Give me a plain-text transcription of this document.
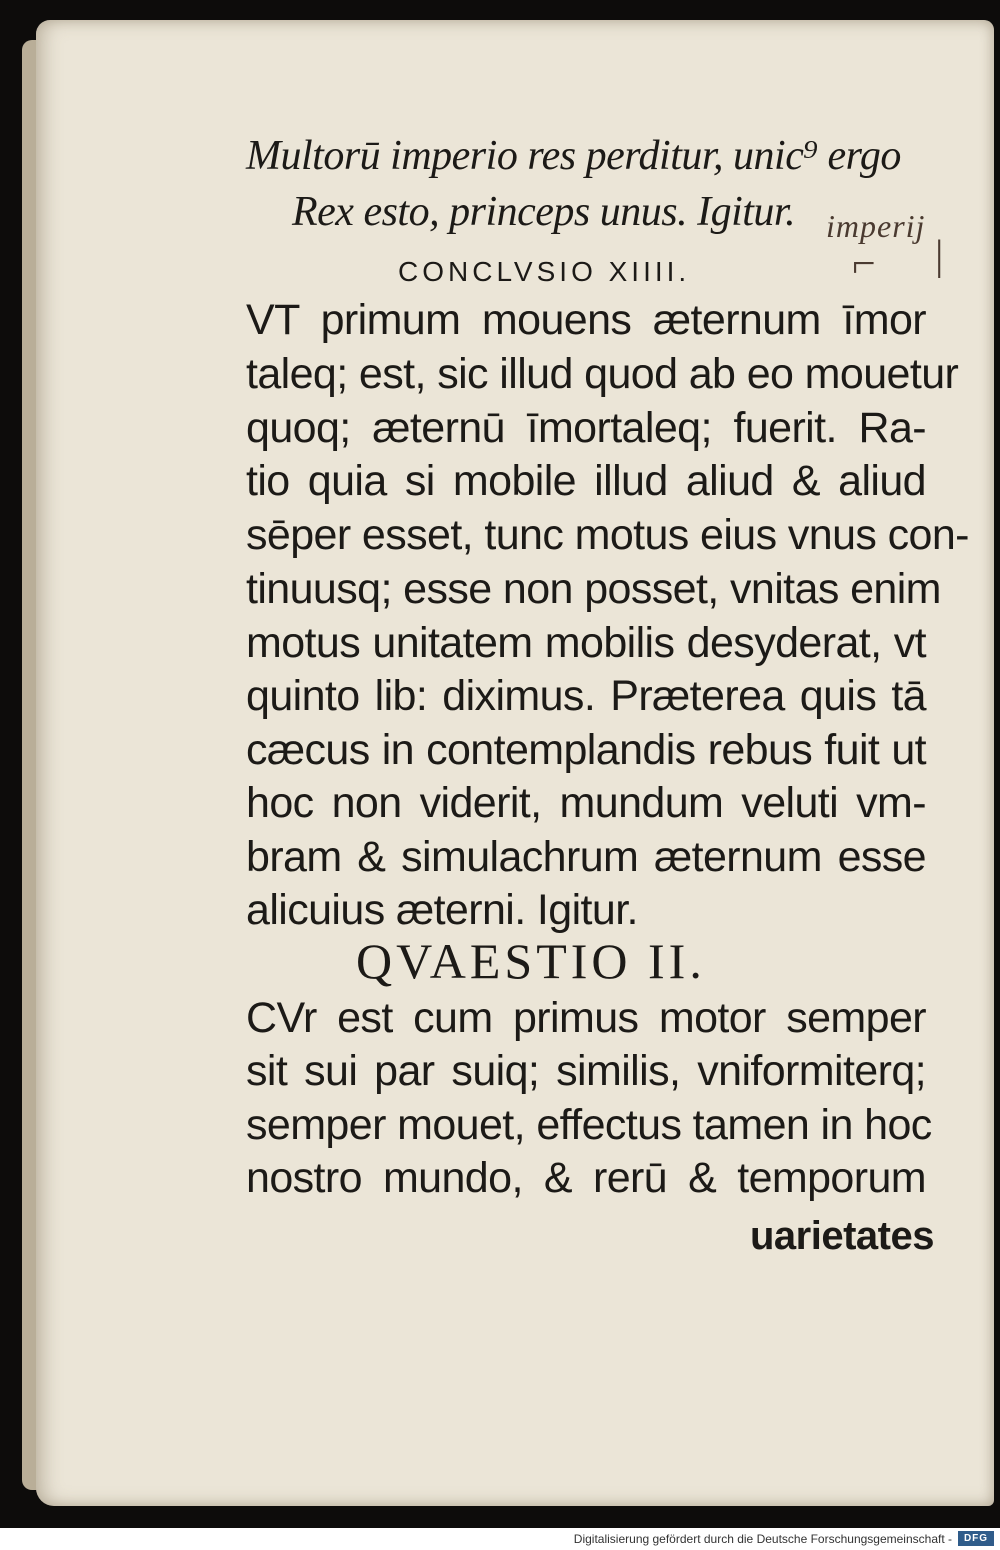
Multorū imperio res perditur, unic⁹ ergo
Rex esto, princeps unus. Igitur. imperij
⌐ |
CONCLVSIO XIIII.
VT primum mouens æternum īmor
taleq; est, sic illud quod ab eo mouetur
quoq; æternū īmortaleq; fuerit. Ra-
tio quia si mobile illud aliud & aliud
sēper esset, tunc motus eius vnus con-
tinuusq; esse non posset, vnitas enim
motus unitatem mobilis desyderat, vt
quinto lib: diximus. Præterea quis tā
cæcus in contemplandis rebus fuit ut
hoc non viderit, mundum veluti vm-
bram & simulachrum æternum esse
alicuius æterni. Igitur.
QVAESTIO II.
CVr est cum primus motor semper
sit sui par suiq; similis, vniformiterq;
semper mouet, effectus tamen in hoc
nostro mundo, & rerū & temporum
uarietates
Digitalisierung gefördert durch die Deutsche Forschungsgemeinschaft -	DFG
